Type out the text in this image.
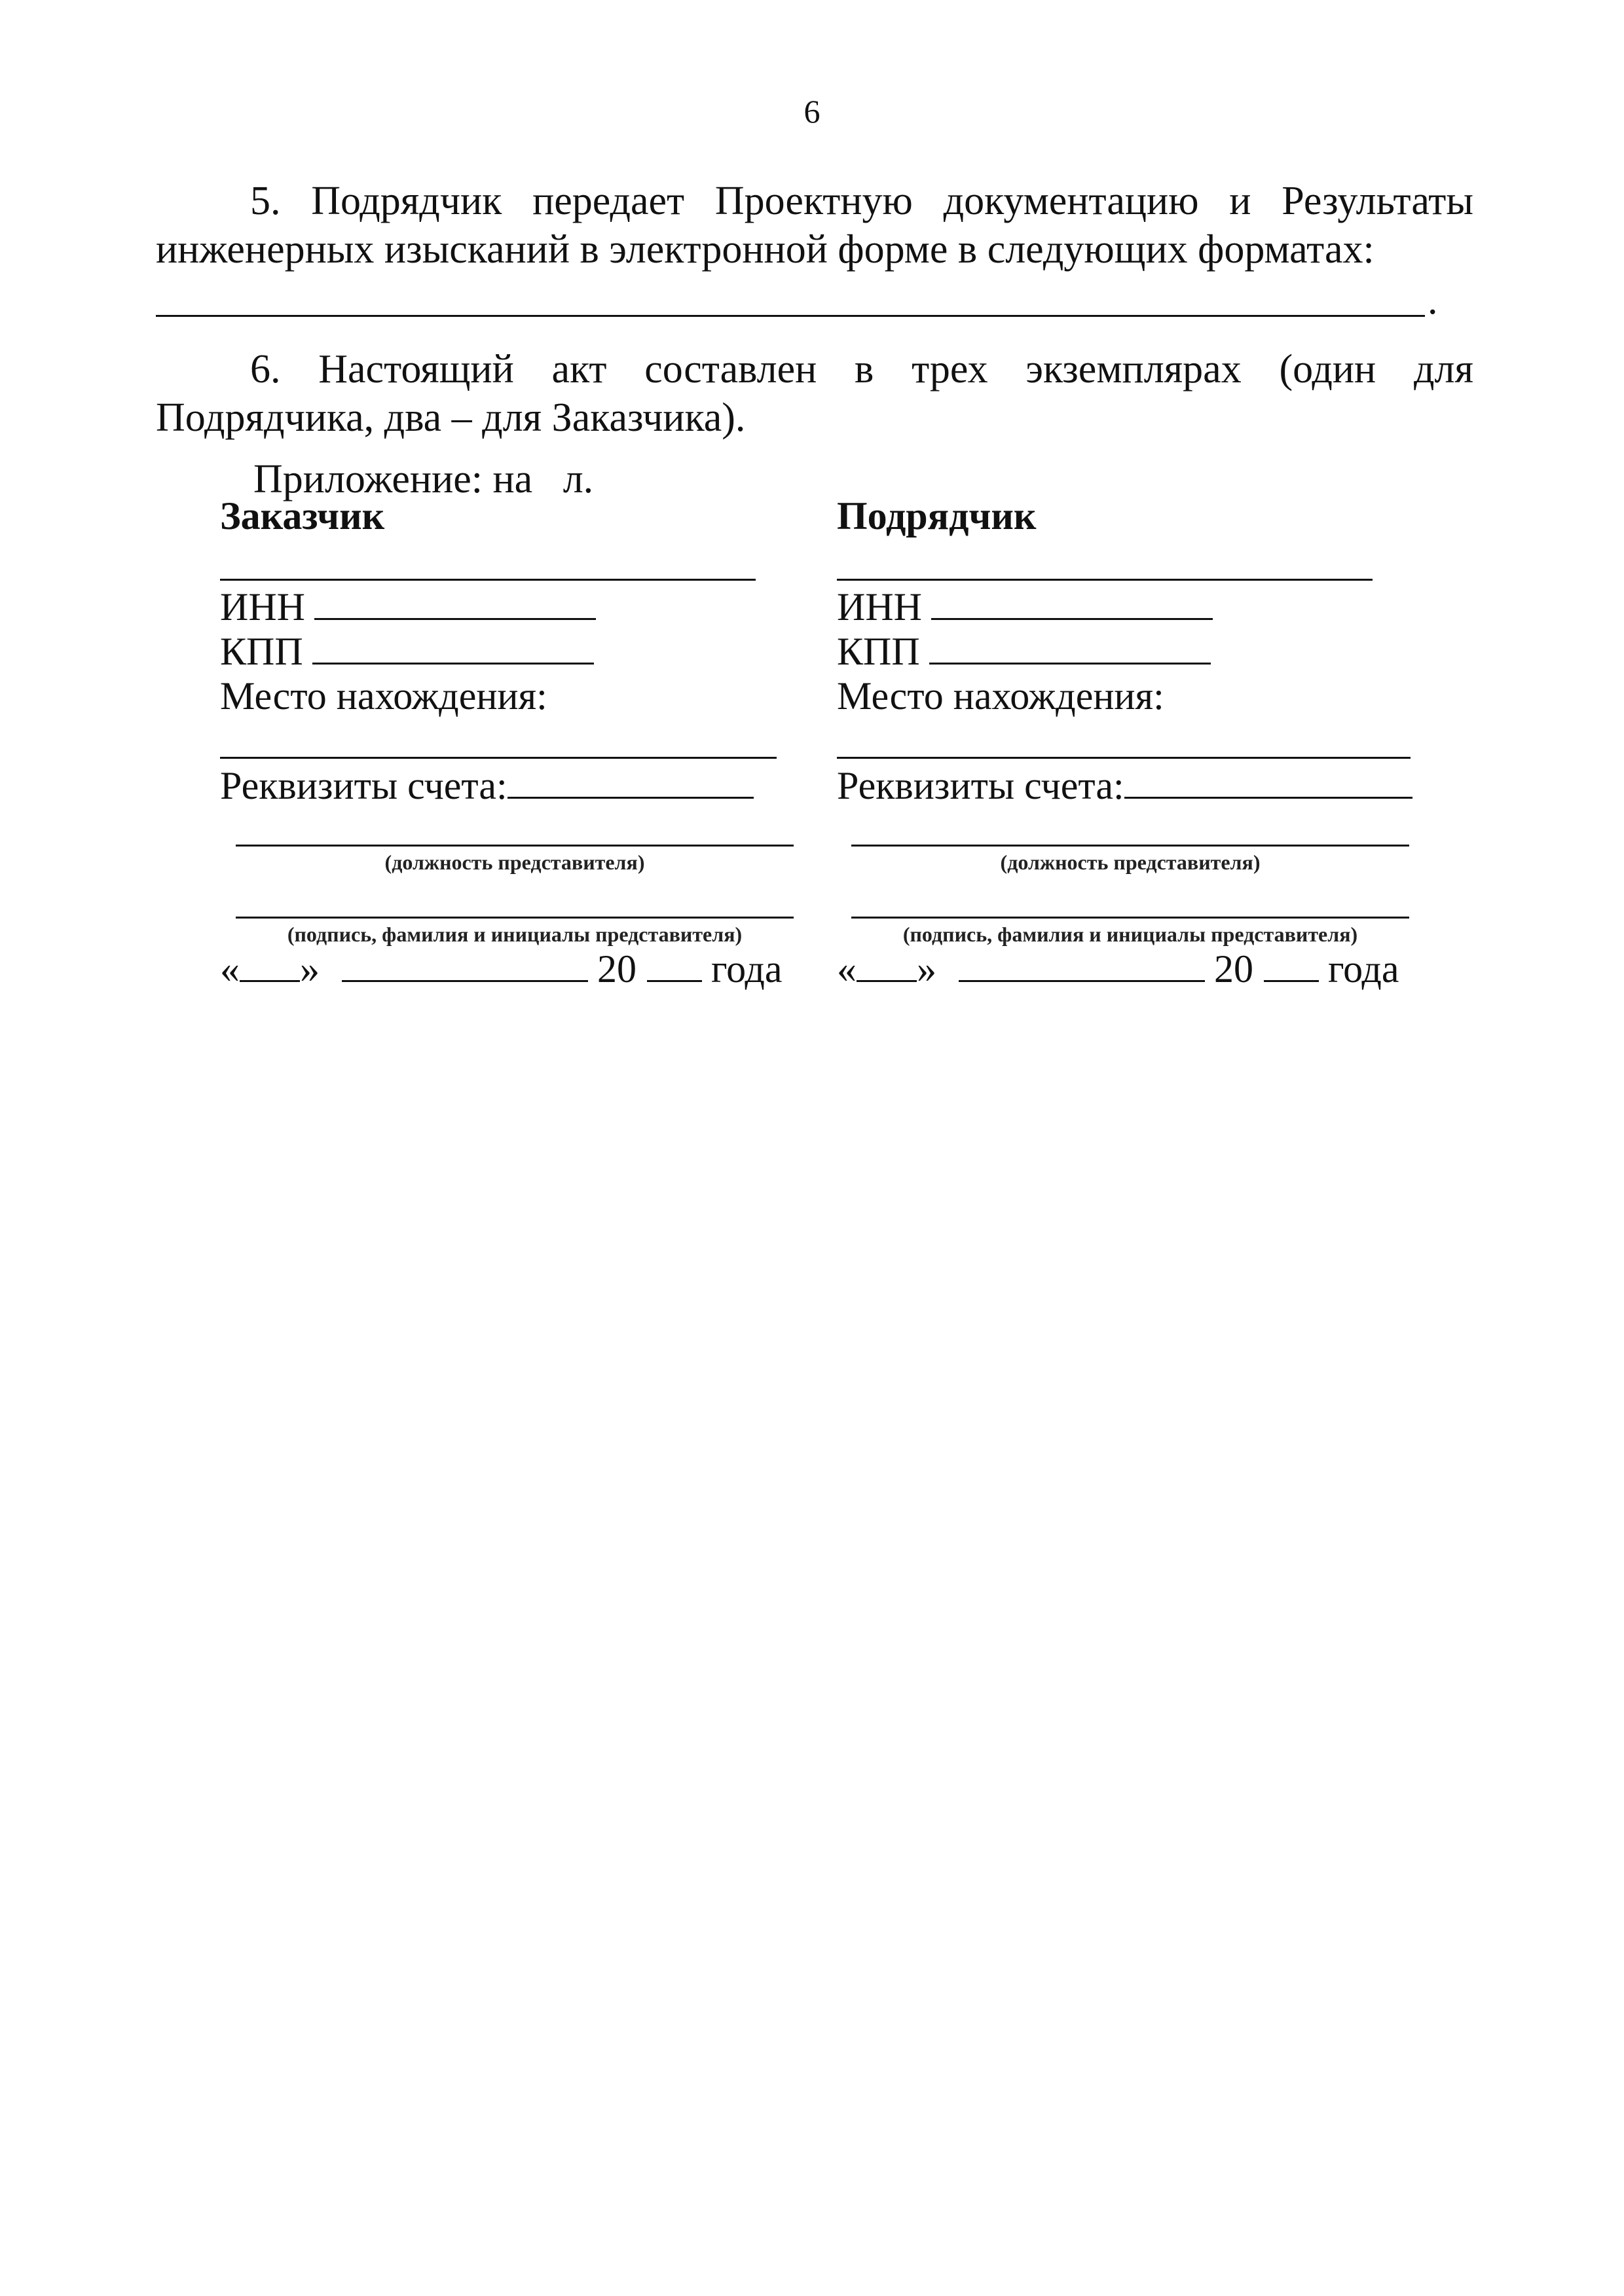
6
5. Подрядчик передает Проектную документацию и Результаты инженерных изысканий в электронной форме в следующих форматах:
.
6. Настоящий акт составлен в трех экземплярах (один для Подрядчика, два – для Заказчика).
Приложение: на л.
Заказчик
ИНН
КПП
Место нахождения:
Реквизиты счета:
(должность представителя)
(подпись, фамилия и инициалы представителя)
« »	20 года
Подрядчик
ИНН
КПП
Место нахождения:
Реквизиты счета:
(должность представителя)
(подпись, фамилия и инициалы представителя)
« »	20 года
